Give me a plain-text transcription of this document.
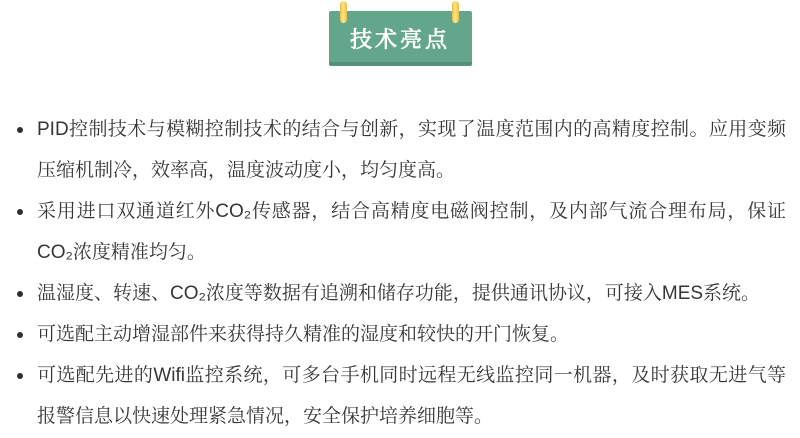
技术亮点
PID控制技术与模糊控制技术的结合与创新，实现了温度范围内的高精度控制。应用变频压缩机制冷，效率高，温度波动度小，均匀度高。
采用进口双通道红外CO₂传感器，结合高精度电磁阀控制，及内部气流合理布局，保证CO₂浓度精准均匀。
温湿度、转速、CO₂浓度等数据有追溯和储存功能，提供通讯协议，可接入MES系统。
可选配主动增湿部件来获得持久精准的湿度和较快的开门恢复。
可选配先进的Wifi监控系统，可多台手机同时远程无线监控同一机器，及时获取无进气等报警信息以快速处理紧急情况，安全保护培养细胞等。
